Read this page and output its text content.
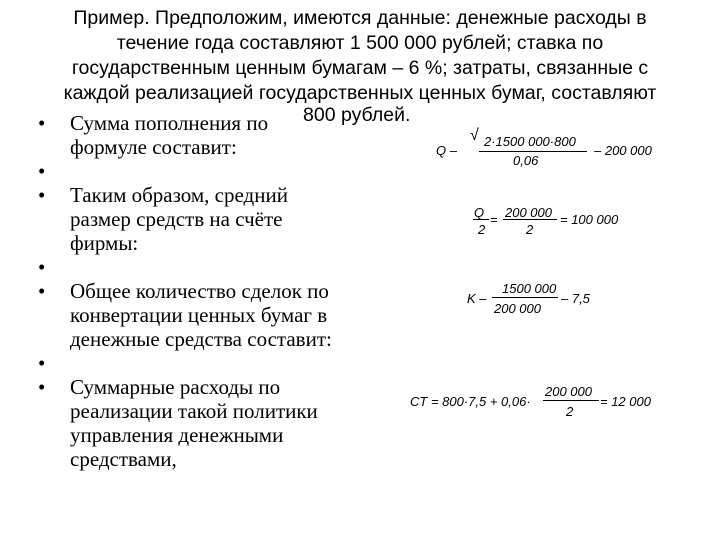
Пример. Предположим, имеются данные: денежные расходы в
течение года составляют 1 500 000 рублей; ставка по
государственным ценным бумагам – 6 %; затраты, связанные с
каждой реализацией государственных ценных бумаг, составляют
800 рублей.
•	Сумма пополнения по
формуле составит:
•
•	Таким образом, средний
размер средств на счёте
фирмы:
•
•	Общее количество сделок по
конвертации ценных бумаг в
денежные средства составит:
•
•	Суммарные расходы по
реализации такой политики
управления денежными
средствами,
Q –
√ 2·1500 000·800
0,06
– 200 000
Q
2
= 200 000
2
= 100 000
K –
1500 000
200 000
– 7,5
CT = 800·7,5 + 0,06·
200 000
2
= 12 000
